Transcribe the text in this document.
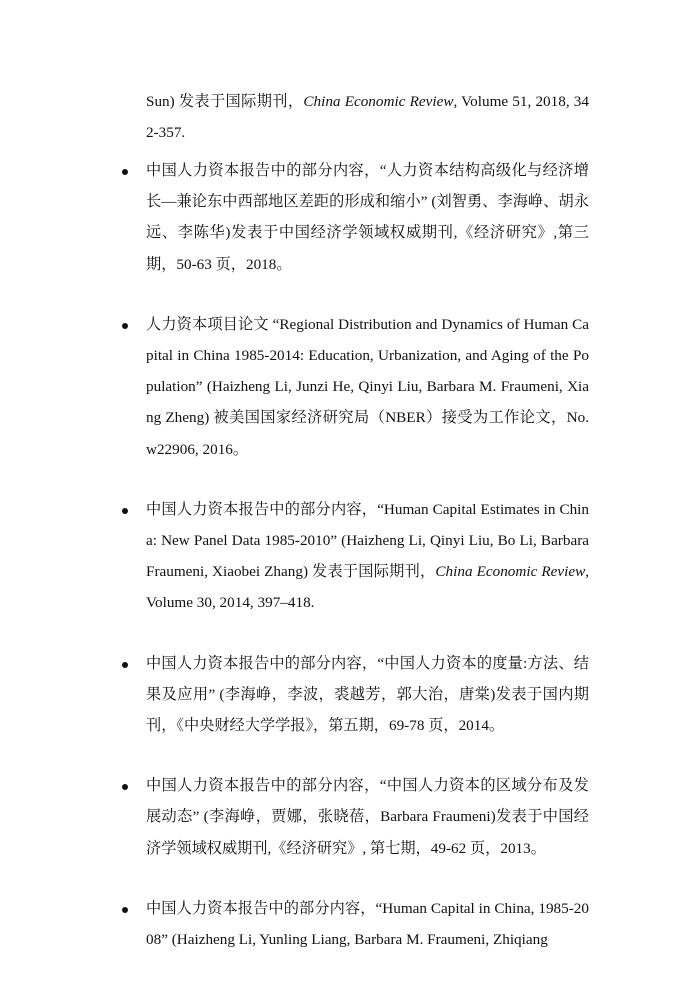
Sun) 发表于国际期刊，China Economic Review, Volume 51, 2018, 342-357.
中国人力资本报告中的部分内容，“人力资本结构高级化与经济增长—兼论东中西部地区差距的形成和缩小” (刘智勇、李海峥、胡永远、李陈华)发表于中国经济学领域权威期刊,《经济研究》,第三期，50-63 页，2018。
人力资本项目论文 “Regional Distribution and Dynamics of Human Capital in China 1985-2014: Education, Urbanization, and Aging of the Population” (Haizheng Li, Junzi He, Qinyi Liu, Barbara M. Fraumeni, Xiang Zheng) 被美国国家经济研究局（NBER）接受为工作论文，No. w22906, 2016。
中国人力资本报告中的部分内容，“Human Capital Estimates in China: New Panel Data 1985-2010” (Haizheng Li, Qinyi Liu, Bo Li, Barbara Fraumeni, Xiaobei Zhang) 发表于国际期刊，China Economic Review, Volume 30, 2014, 397–418.
中国人力资本报告中的部分内容，“中国人力资本的度量:方法、结果及应用” (李海峥，李波，裘越芳，郭大治，唐棠)发表于国内期刊，《中央财经大学学报》，第五期，69-78 页，2014。
中国人力资本报告中的部分内容，“中国人力资本的区域分布及发展动态” (李海峥，贾娜，张晓蓓，Barbara Fraumeni)发表于中国经济学领域权威期刊,《经济研究》, 第七期，49-62 页，2013。
中国人力资本报告中的部分内容，“Human Capital in China, 1985-2008” (Haizheng Li, Yunling Liang, Barbara M. Fraumeni, Zhiqiang
